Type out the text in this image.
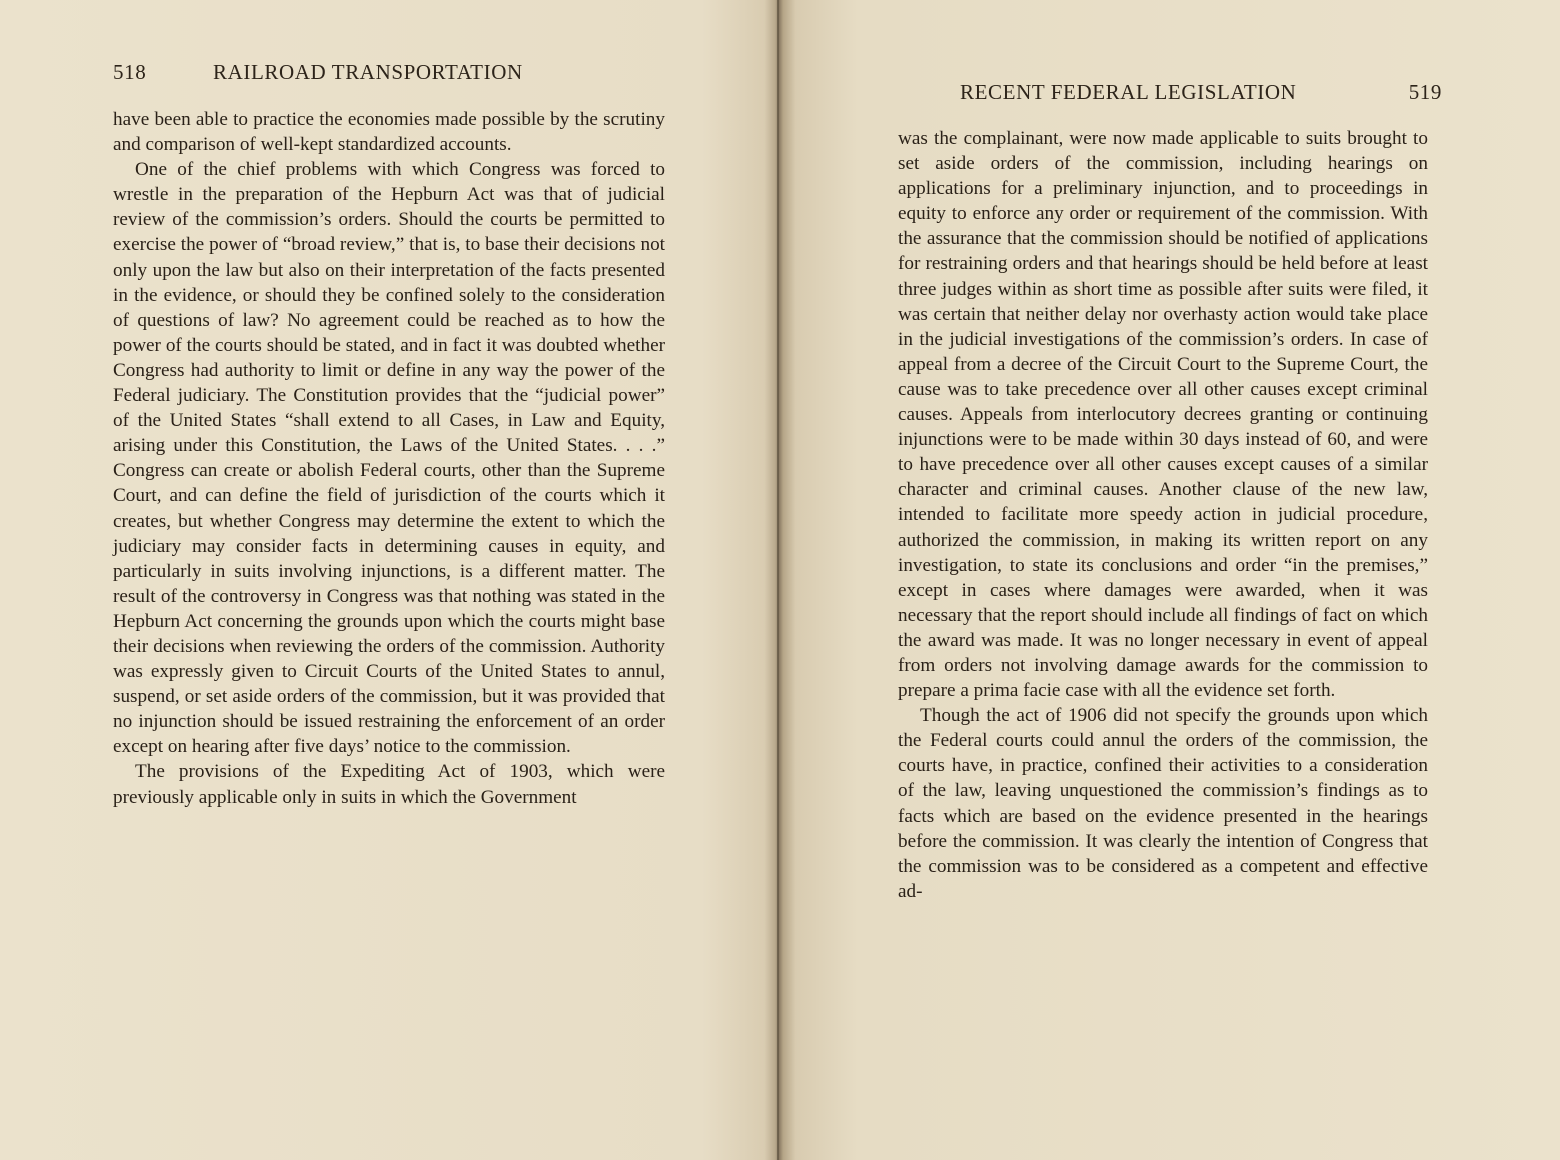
518	RAILROAD TRANSPORTATION

have been able to practice the economies made possible by the scrutiny and comparison of well-kept standardized accounts.

One of the chief problems with which Congress was forced to wrestle in the preparation of the Hepburn Act was that of judicial review of the commission’s orders. Should the courts be permitted to exercise the power of “broad review,” that is, to base their decisions not only upon the law but also on their interpretation of the facts presented in the evidence, or should they be confined solely to the consideration of questions of law? No agreement could be reached as to how the power of the courts should be stated, and in fact it was doubted whether Congress had authority to limit or define in any way the power of the Federal judiciary. The Constitution provides that the “judicial power” of the United States “shall extend to all Cases, in Law and Equity, arising under this Constitution, the Laws of the United States. . . .” Congress can create or abolish Federal courts, other than the Supreme Court, and can define the field of jurisdiction of the courts which it creates, but whether Congress may determine the extent to which the judiciary may consider facts in determining causes in equity, and particularly in suits involving injunctions, is a different matter. The result of the controversy in Congress was that nothing was stated in the Hepburn Act concerning the grounds upon which the courts might base their decisions when reviewing the orders of the commission. Authority was expressly given to Circuit Courts of the United States to annul, suspend, or set aside orders of the commission, but it was provided that no injunction should be issued restraining the enforcement of an order except on hearing after five days’ notice to the commission.

The provisions of the Expediting Act of 1903, which were previously applicable only in suits in which the Government

RECENT FEDERAL LEGISLATION	519

was the complainant, were now made applicable to suits brought to set aside orders of the commission, including hearings on applications for a preliminary injunction, and to proceedings in equity to enforce any order or requirement of the commission. With the assurance that the commission should be notified of applications for restraining orders and that hearings should be held before at least three judges within as short time as possible after suits were filed, it was certain that neither delay nor overhasty action would take place in the judicial investigations of the commission’s orders. In case of appeal from a decree of the Circuit Court to the Supreme Court, the cause was to take precedence over all other causes except criminal causes. Appeals from interlocutory decrees granting or continuing injunctions were to be made within 30 days instead of 60, and were to have precedence over all other causes except causes of a similar character and criminal causes. Another clause of the new law, intended to facilitate more speedy action in judicial procedure, authorized the commission, in making its written report on any investigation, to state its conclusions and order “in the premises,” except in cases where damages were awarded, when it was necessary that the report should include all findings of fact on which the award was made. It was no longer necessary in event of appeal from orders not involving damage awards for the commission to prepare a prima facie case with all the evidence set forth.

Though the act of 1906 did not specify the grounds upon which the Federal courts could annul the orders of the commission, the courts have, in practice, confined their activities to a consideration of the law, leaving unquestioned the commission’s findings as to facts which are based on the evidence presented in the hearings before the commission. It was clearly the intention of Congress that the commission was to be considered as a competent and effective ad-
